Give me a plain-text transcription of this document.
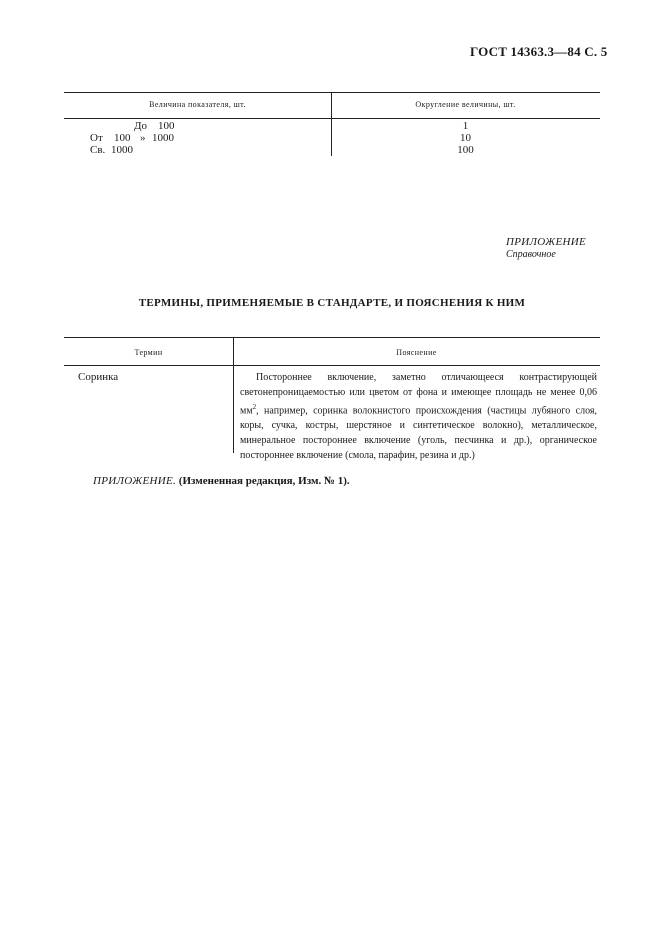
ГОСТ 14363.3—84 С. 5
Величина показателя, шт.	Округление величины, шт.
До 100	1
От 100 » 1000	10
Св. 1000	100
ПРИЛОЖЕНИЕ
Справочное
ТЕРМИНЫ, ПРИМЕНЯЕМЫЕ В СТАНДАРТЕ, И ПОЯСНЕНИЯ К НИМ
Термин	Пояснение
Соринка	Постороннее включение, заметно отличающееся контрастирующей светонепроницаемостью или цветом от фона и имеющее площадь не менее 0,06 $мм^2$, например, соринка волокнистого происхождения (частицы лубяного слоя, коры, сучка, костры, шерстяное и синтетическое волокно), металлическое, минеральное постороннее включение (уголь, песчинка и др.), органическое постороннее включение (смола, парафин, резина и др.)
ПРИЛОЖЕНИЕ. (Измененная редакция, Изм. № 1).
